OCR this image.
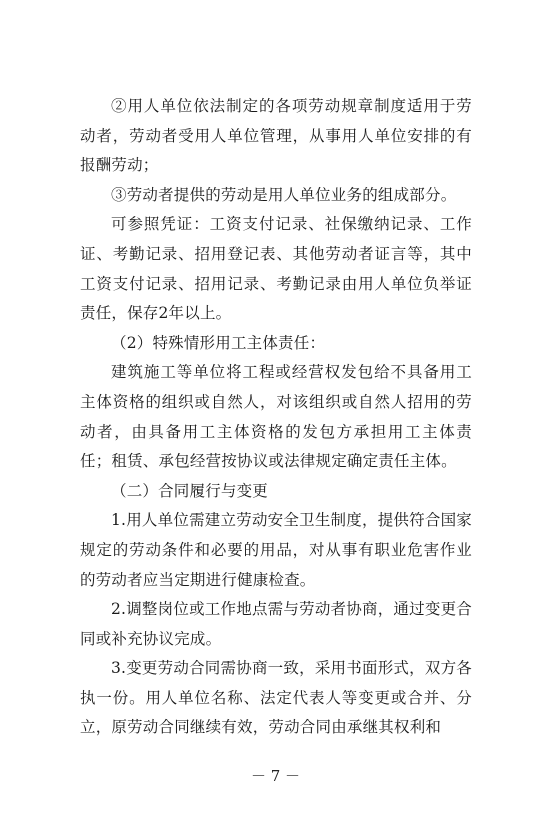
②用人单位依法制定的各项劳动规章制度适用于劳动者，劳动者受用人单位管理，从事用人单位安排的有报酬劳动；

③劳动者提供的劳动是用人单位业务的组成部分。

可参照凭证：工资支付记录、社保缴纳记录、工作证、考勤记录、招用登记表、其他劳动者证言等，其中工资支付记录、招用记录、考勤记录由用人单位负举证责任，保存2年以上。

（2）特殊情形用工主体责任：

建筑施工等单位将工程或经营权发包给不具备用工主体资格的组织或自然人，对该组织或自然人招用的劳动者，由具备用工主体资格的发包方承担用工主体责任；租赁、承包经营按协议或法律规定确定责任主体。

（二）合同履行与变更

1.用人单位需建立劳动安全卫生制度，提供符合国家规定的劳动条件和必要的用品，对从事有职业危害作业的劳动者应当定期进行健康检查。

2.调整岗位或工作地点需与劳动者协商，通过变更合同或补充协议完成。

3.变更劳动合同需协商一致，采用书面形式，双方各执一份。用人单位名称、法定代表人等变更或合并、分立，原劳动合同继续有效，劳动合同由承继其权利和

－ 7 －
